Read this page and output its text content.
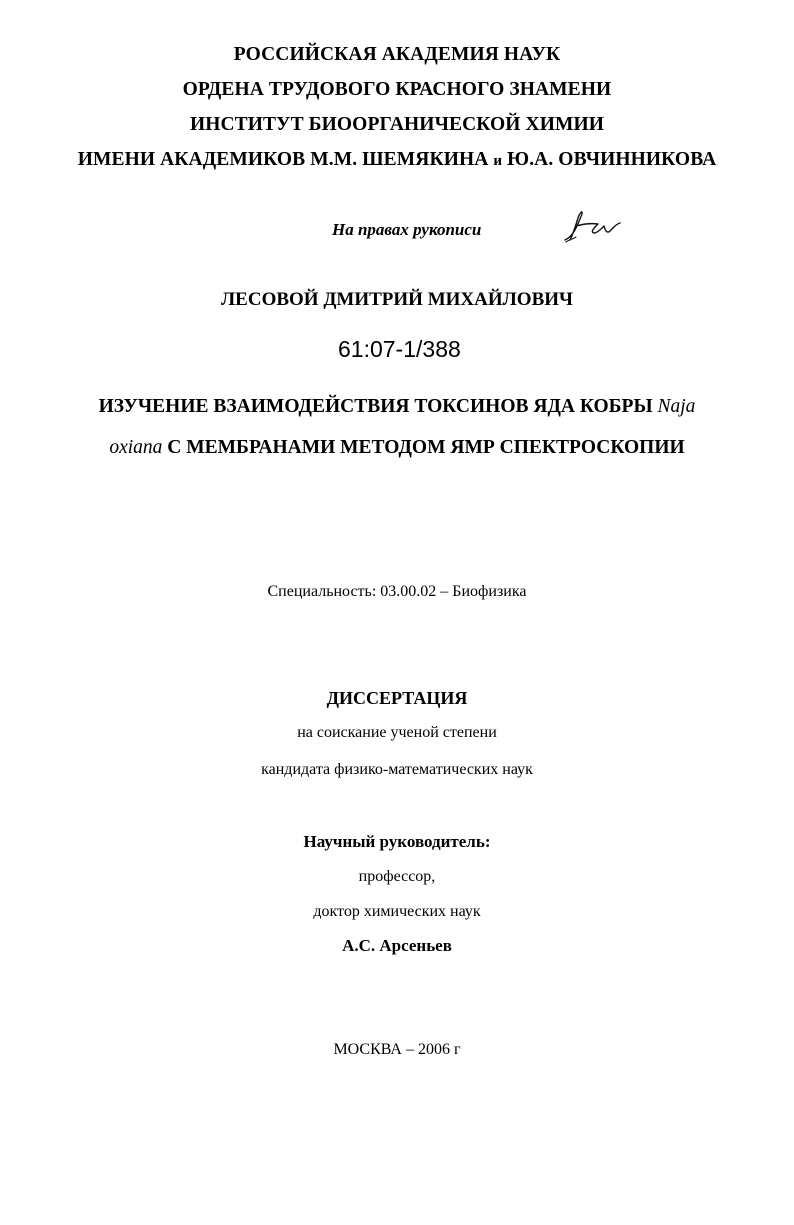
РОССИЙСКАЯ АКАДЕМИЯ НАУК
ОРДЕНА ТРУДОВОГО КРАСНОГО ЗНАМЕНИ
ИНСТИТУТ БИООРГАНИЧЕСКОЙ ХИМИИ
ИМЕНИ АКАДЕМИКОВ М.М. ШЕМЯКИНА и Ю.А. ОВЧИННИКОВА
На правах рукописи
ЛЕСОВОЙ ДМИТРИЙ МИХАЙЛОВИЧ
61:07-1/388
ИЗУЧЕНИЕ ВЗАИМОДЕЙСТВИЯ ТОКСИНОВ ЯДА КОБРЫ Naja
oxiana С МЕМБРАНАМИ МЕТОДОМ ЯМР СПЕКТРОСКОПИИ
Специальность: 03.00.02 – Биофизика
ДИССЕРТАЦИЯ
на соискание ученой степени
кандидата физико-математических наук
Научный руководитель:
профессор,
доктор химических наук
А.С. Арсеньев
МОСКВА – 2006 г
